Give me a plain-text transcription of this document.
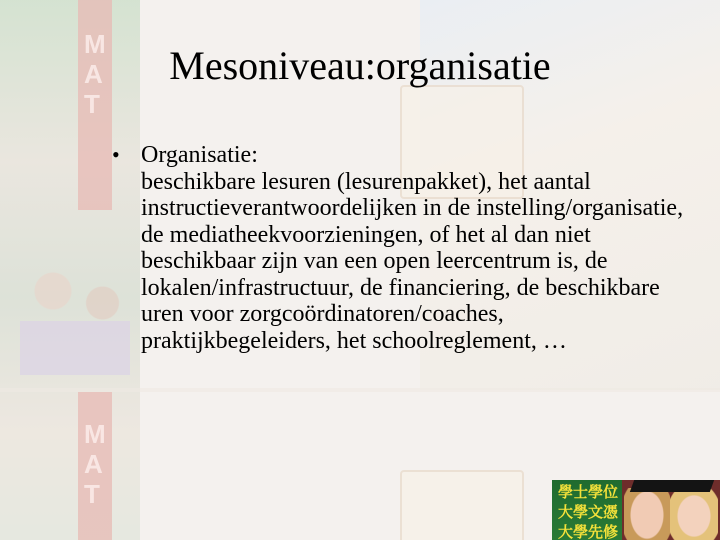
M
A
T
M
A
T
Mesoniveau:organisatie
• Organisatie:
beschikbare lesuren (lesurenpakket), het aantal instructieverantwoordelijken in de instelling/organisatie, de mediatheekvoorzieningen, of het al dan niet beschikbaar zijn van een open leercentrum is, de lokalen/infrastructuur, de financiering, de beschikbare uren voor zorgcoördinatoren/coaches, praktijkbegeleiders, het schoolreglement, …
學士學位
大學文憑
大學先修
